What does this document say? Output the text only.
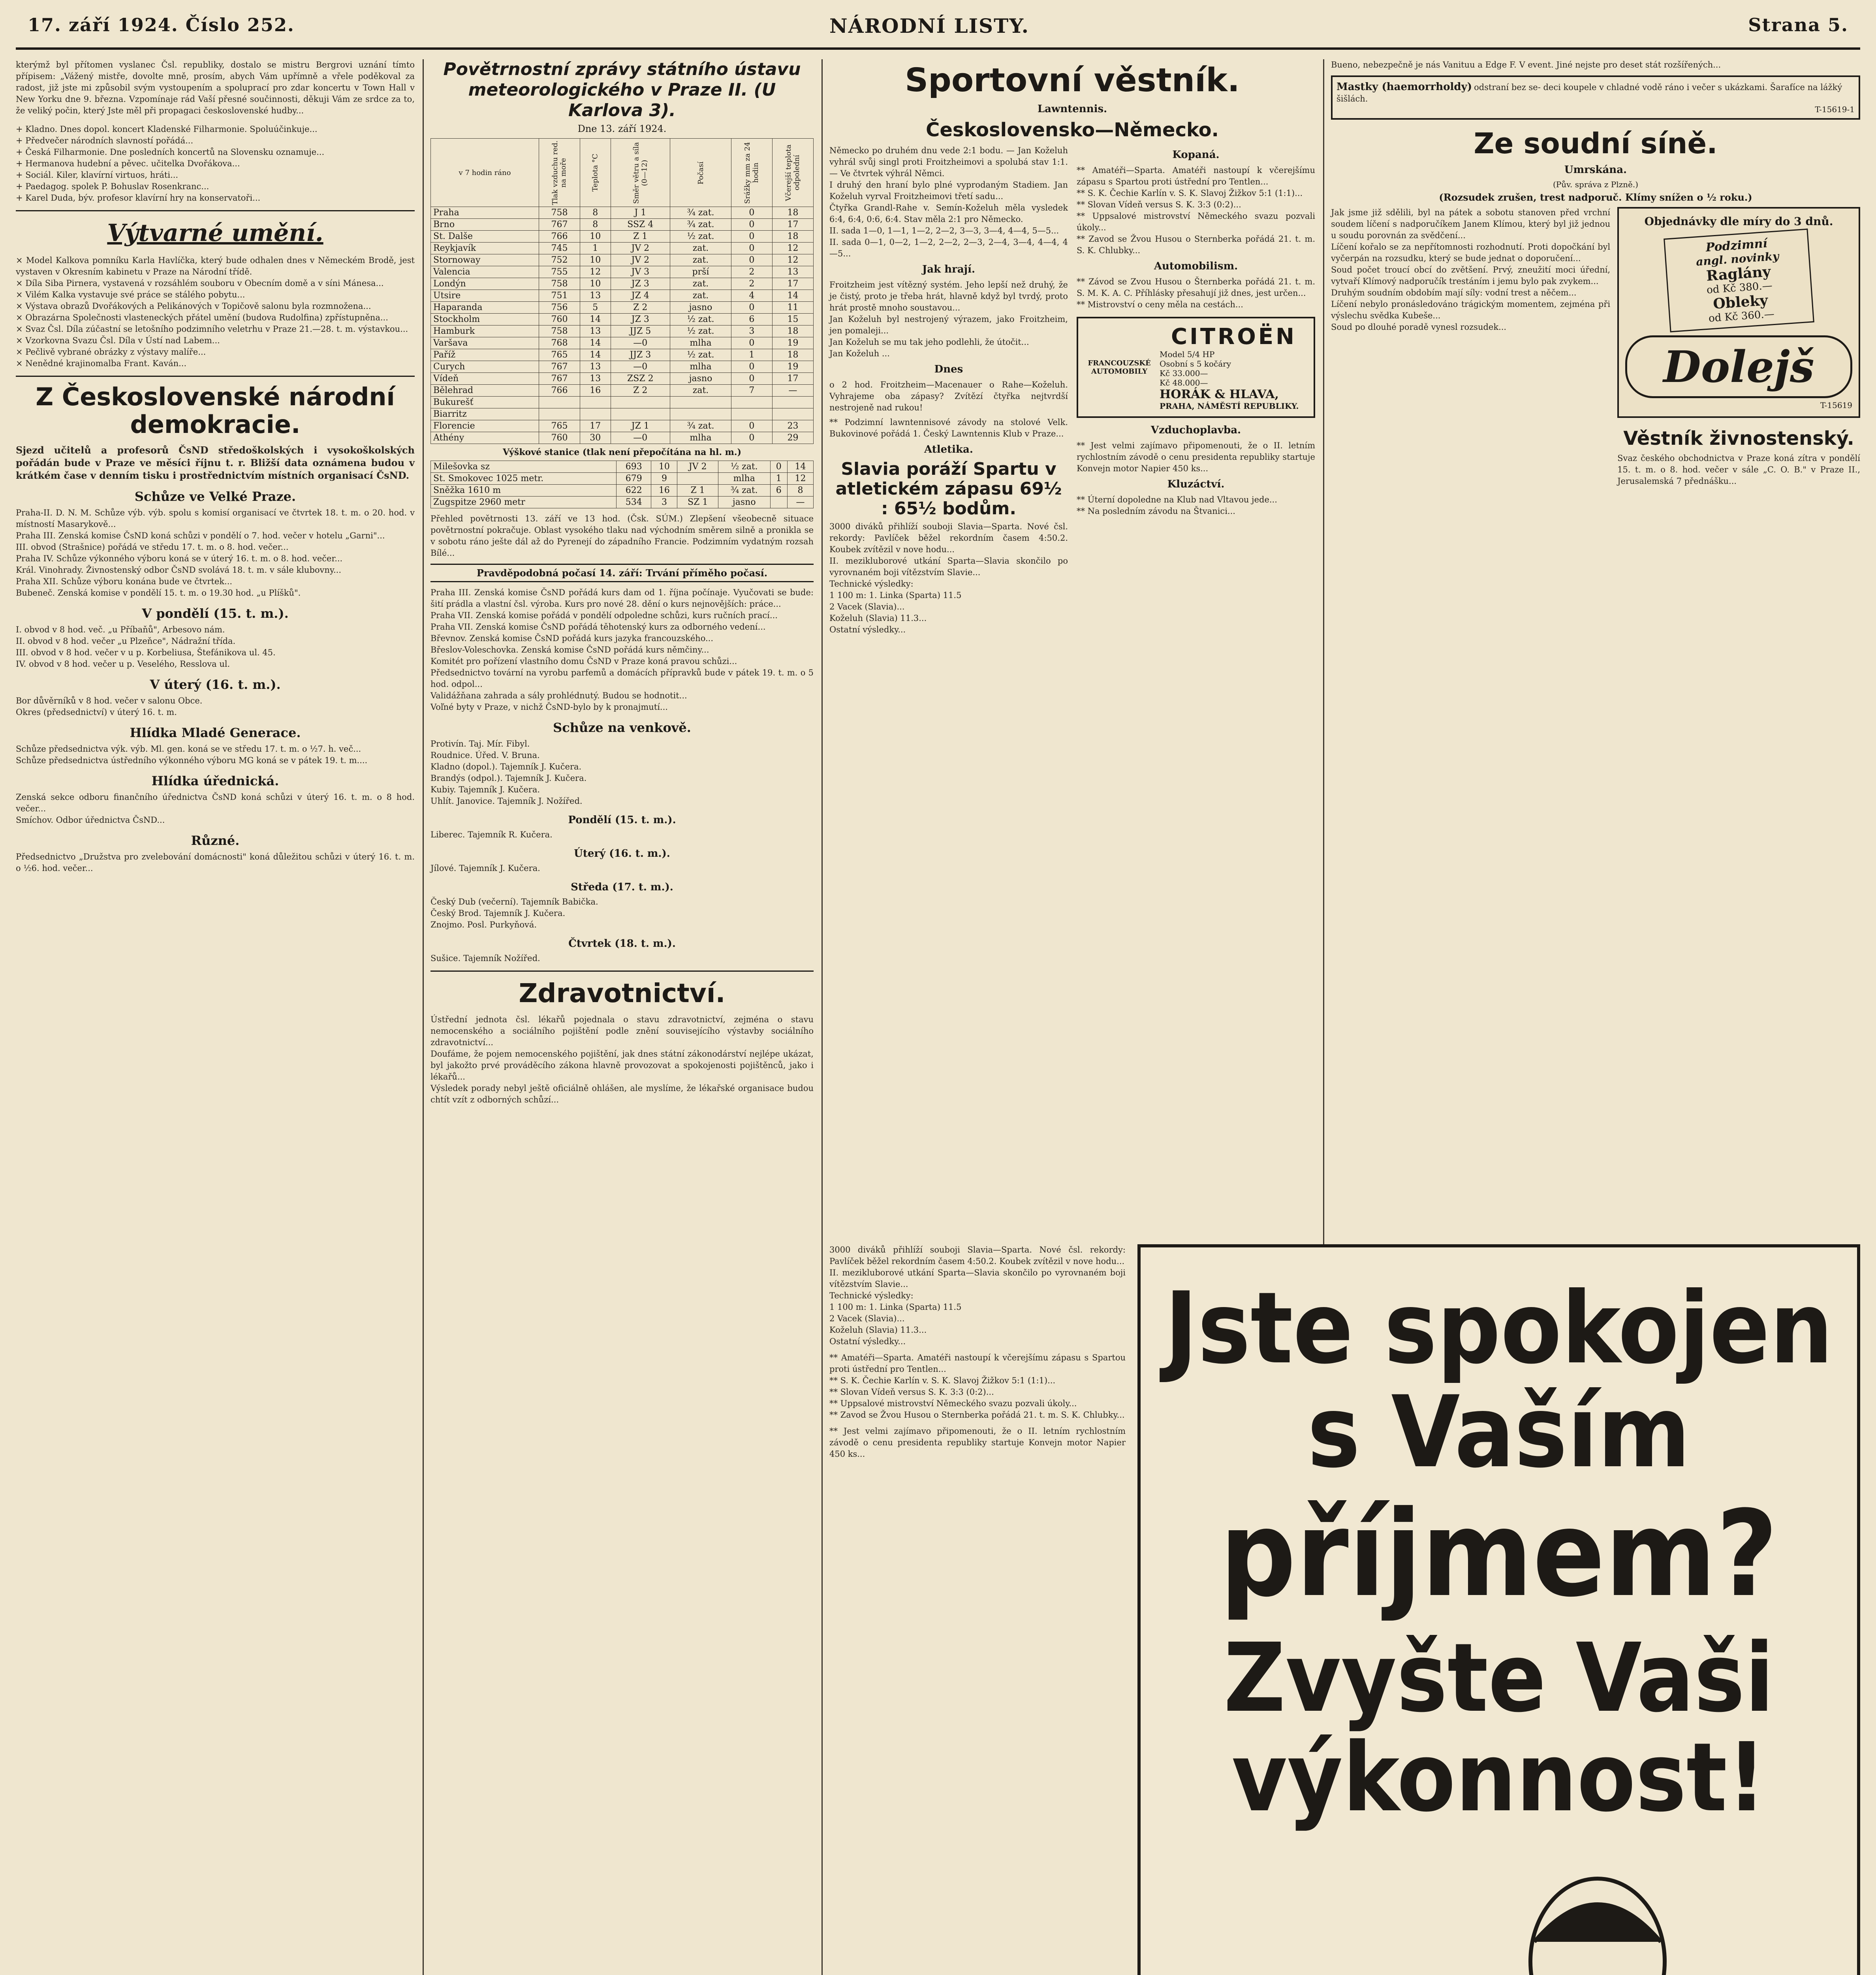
17. září 1924. Číslo 252.	NÁRODNÍ LISTY.	Strana 5.
kterýmž byl přítomen vyslanec Čsl. republiky, dostalo se mistru Bergrovi uznání tímto přípisem: „Vážený mistře, dovolte mně, prosím, abych Vám upřímně a vřele poděkoval za radost, již jste mi způsobil svým vystoupením a spoluprací pro zdar koncertu v Town Hall v New Yorku dne 9. března. Vzpomínaje rád Vaší přesné součinnosti, děkuji Vám ze srdce za to, že veliký počin, který Jste měl při propagaci československé hudby...
+ Kladno. Dnes dopol. koncert Kladenské Filharmonie. Spoluúčinkuje...
+ Předvečer národních slavností pořádá...
+ Česká Filharmonie. Dne posledních koncertů na Slovensku oznamuje...
+ Hermanova hudební a pěvec. učitelka Dvořákova...
+ Sociál. Kiler, klavírní virtuos, hráti...
+ Paedagog. spolek P. Bohuslav Rosenkranc...
+ Karel Duda, býv. profesor klavírní hry na konservatoři...
Výtvarné umění.
× Model Kalkova pomníku Karla Havlíčka, který bude odhalen dnes v Německém Brodě, jest vystaven v Okresním kabinetu v Praze na Národní třídě.
× Díla Siba Pirnera, vystavená v rozsáhlém souboru v Obecním domě a v síni Mánesa...
× Vilém Kalka vystavuje své práce se stálého pobytu...
× Výstava obrazů Dvořákových a Pelikánových v Topičově salonu byla rozmnožena...
× Obrazárna Společnosti vlasteneckých přátel umění (budova Rudolfina) zpřístupněna...
× Svaz Čsl. Díla zúčastní se letošního podzimního veletrhu v Praze 21.—28. t. m. výstavkou...
× Vzorkovna Svazu Čsl. Díla v Ústí nad Labem...
× Pečlivě vybrané obrázky z výstavy malíře...
× Nenědné krajinomalba Frant. Kaván...
Z Československé národní demokracie.
Sjezd učitelů a profesorů ČsND středoškolských i vysokoškolských pořádán bude v Praze ve měsíci říjnu t. r. Bližší data oznámena budou v krátkém čase v denním tisku i prostřednictvím místních organisací ČsND.
Schůze ve Velké Praze.
Praha-II. D. N. M. Schůze výb. výb. spolu s komisí organisací ve čtvrtek 18. t. m. o 20. hod. v místností Masarykově...
Praha III. Zenská komise ČsND koná schůzi v pondělí o 7. hod. večer v hotelu „Garni"...
III. obvod (Strašnice) pořádá ve středu 17. t. m. o 8. hod. večer...
Praha IV. Schůze výkonného výboru koná se v úterý 16. t. m. o 8. hod. večer...
Král. Vinohrady. Živnostenský odbor ČsND svolává 18. t. m. v sále klubovny...
Praha XII. Schůze výboru konána bude ve čtvrtek...
Bubeneč. Zenská komise v pondělí 15. t. m. o 19.30 hod. „u Plíšků".
V pondělí (15. t. m.).
I. obvod v 8 hod. več. „u Příbaňů", Arbesovo nám.
II. obvod v 8 hod. večer „u Plzeňce", Nádražní třída.
III. obvod v 8 hod. večer v u p. Korbeliusa, Štefánikova ul. 45.
IV. obvod v 8 hod. večer u p. Veselého, Resslova ul.
V úterý (16. t. m.).
Bor důvěrníků v 8 hod. večer v salonu Obce.
Okres (předsednictví) v úterý 16. t. m.
Hlídka Mladé Generace.
Schůze předsednictva výk. výb. Ml. gen. koná se ve středu 17. t. m. o ½7. h. več...
Schůze předsednictva ústředního výkonného výboru MG koná se v pátek 19. t. m....
Hlídka úřednická.
Zenská sekce odboru finančního úřednictva ČsND koná schůzi v úterý 16. t. m. o 8 hod. večer...
Smíchov. Odbor úřednictva ČsND...
Různé.
Předsednictvo „Družstva pro zvelebování domácnosti" koná důležitou schůzi v úterý 16. t. m. o ½6. hod. večer...
Povětrnostní zprávy státního ústavu meteorologického v Praze II. (U Karlova 3).
Dne 13. září 1924.
v 7 hodin ráno	Tlak vzduchu red. na moře	Teplota °C	Směr větru a síla (0—12)	Počasí	Srážky mm za 24 hodin	Včerejší teplota odpolední
Praha	758	8	J 1	¾ zat.	0	18
Brno	767	8	SSZ 4	¾ zat.	0	17
St. Dalše	766	10	Z 1	½ zat.	0	18
Reykjavík	745	1	JV 2	zat.	0	12
Stornoway	752	10	JV 2	zat.	0	12
Valencia	755	12	JV 3	prší	2	13
Londýn	758	10	JZ 3	zat.	2	17
Utsire	751	13	JZ 4	zat.	4	14
Haparanda	756	5	Z 2	jasno	0	11
Stockholm	760	14	JZ 3	½ zat.	6	15
Hamburk	758	13	JJZ 5	½ zat.	3	18
Varšava	768	14	—0	mlha	0	19
Paříž	765	14	JJZ 3	½ zat.	1	18
Curych	767	13	—0	mlha	0	19
Vídeň	767	13	ZSZ 2	jasno	0	17
Bělehrad	766	16	Z 2	zat.	7	—
Bukurešť						
Biarritz						
Florencie	765	17	JZ 1	¾ zat.	0	23
Athény	760	30	—0	mlha	0	29
Výškové stanice (tlak není přepočítána na hl. m.)
Milešovka sz	693	10	JV 2	½ zat.	0	14
St. Smokovec 1025 metr.	679	9		mlha	1	12
Sněžka 1610 m	622	16	Z 1	¾ zat.	6	8
Zugspitze 2960 metr	534	3	SZ 1	jasno		—
Přehled povětrnosti 13. září ve 13 hod. (Čsk. SÚM.) Zlepšení všeobecně situace povětrnostní pokračuje. Oblast vysokého tlaku nad východním směrem silně a pronikla se v sobotu ráno ješte dál až do Pyrenejí do západního Francie. Podzimním vydatným rozsah Bílé...
Pravděpodobná počasí 14. září: Trvání příměho počasí.
Praha III. Zenská komise ČsND pořádá kurs dam od 1. října počínaje. Vyučovati se bude: šití prádla a vlastní čsl. výroba. Kurs pro nové 28. dění o kurs nejnovějších: práce...
Praha VII. Zenská komise pořádá v pondělí odpoledne schůzi, kurs ručních prací...
Praha VII. Zenská komise ČsND pořádá těhotenský kurs za odborného vedení...
Břevnov. Zenská komise ČsND pořádá kurs jazyka francouzského...
Břeslov-Voleschovka. Zenská komise ČsND pořádá kurs němčiny...
Komitét pro pořízení vlastního domu ČsND v Praze koná pravou schůzi...
Předsednictvo tovární na vyrobu parfemů a domácích přípravků bude v pátek 19. t. m. o 5 hod. odpol...
Validážňana zahrada a sály prohlédnutý. Budou se hodnotit...
Voľné byty v Praze, v nichž ČsND-bylo by k pronajmutí...
Schůze na venkově.
Protivín. Taj. Mír. Fibyl.
Roudnice. Úřed. V. Bruna.
Kladno (dopol.). Tajemník J. Kučera.
Brandýs (odpol.). Tajemník J. Kučera.
Kubiy. Tajemník J. Kučera.
Uhlít. Janovice. Tajemník J. Nožířed.
Pondělí (15. t. m.).
Liberec. Tajemník R. Kučera.
Úterý (16. t. m.).
Jílové. Tajemník J. Kučera.
Středa (17. t. m.).
Český Dub (večerní). Tajemník Babička.
Český Brod. Tajemník J. Kučera.
Znojmo. Posl. Purkyňová.
Čtvrtek (18. t. m.).
Sušice. Tajemník Nožířed.
Zdravotnictví.
Ústřední jednota čsl. lékařů pojednala o stavu zdravotnictví, zejména o stavu nemocenského a sociálního pojištění podle znění souvisejícího výstavby sociálního zdravotnictví...
Doufáme, že pojem nemocenského pojištění, jak dnes státní zákonodárství nejlépe ukázat, byl jakožto prvé prováděcího zákona hlavně provozovat a spokojenosti pojištěnců, jako i lékařů...
Výsledek porady nebyl ještě oficiálně ohlášen, ale myslíme, že lékařské organisace budou chtít vzít z odborných schůzí...
Sportovní věstník.
Lawntennis.
Československo—Německo.
Německo po druhém dnu vede 2:1 bodu. — Jan Koželuh vyhrál svůj singl proti Froitzheimovi a spolubá stav 1:1. — Ve čtvrtek výhrál Němci.
I druhý den hraní bylo plné vyprodaným Stadiem. Jan Koželuh vyrval Froitzheimovi třetí sadu...
Čtyřka Grandl-Rahe v. Semín-Koželuh měla vysledek 6:4, 6:4, 0:6, 6:4. Stav měla 2:1 pro Německo.
II. sada 1—0, 1—1, 1—2, 2—2, 3—3, 3—4, 4—4, 5—5...
II. sada 0—1, 0—2, 1—2, 2—2, 2—3, 2—4, 3—4, 4—4, 4—5...
Jak hrají.
Froitzheim jest vítězný systém. Jeho lepší než druhý, že je čistý, proto je třeba hrát, hlavně když byl tvrdý, proto hrát prostě mnoho soustavou...
Jan Koželuh byl nestrojený výrazem, jako Froitzheim, jen pomaleji...
Jan Koželuh se mu tak jeho podlehli, že útočit...
Jan Koželuh ...
Dnes
o 2 hod. Froitzheim—Macenauer o Rahe—Koželuh. Vyhrajeme oba zápasy? Zvítězí čtyřka nejtvrdší nestrojeně nad rukou!
** Podzimní lawntennisové závody na stolové Velk. Bukovinové pořádá 1. Český Lawntennis Klub v Praze...
Atletika.
Slavia poráží Spartu v atletickém zápasu 69½ : 65½ bodům.
3000 diváků přihlíží souboji Slavia—Sparta. Nové čsl. rekordy: Pavlíček běžel rekordním časem 4:50.2. Koubek zvítězil v nove hodu...
II. mezikluborové utkání Sparta—Slavia skončilo po vyrovnaném boji vítězstvím Slavie...
Technické výsledky:
1 100 m: 1. Linka (Sparta) 11.5
2 Vacek (Slavia)...
Koželuh (Slavia) 11.3...
Ostatní výsledky...
Kopaná.
** Amatéři—Sparta. Amatéři nastoupí k včerejšímu zápasu s Spartou proti ústřední pro Tentlen...
** S. K. Čechie Karlín v. S. K. Slavoj Žižkov 5:1 (1:1)...
** Slovan Vídeň versus S. K. 3:3 (0:2)...
** Uppsalové mistrovství Německého svazu pozvali úkoly...
** Zavod se Žvou Husou o Sternberka pořádá 21. t. m. S. K. Chlubky...
Automobilism.
** Závod se Zvou Husou o Šternberka pořádá 21. t. m. S. M. K. A. C. Příhlásky přesahují již dnes, jest určen...
** Mistrovství o ceny měla na cestách...
FRANCOUZSKÉ AUTOMOBILY
CITROËN
Model 5/4 HP
Osobní s 5 kočáry
Kč 33.000—
Kč 48.000—
HORÁK & HLAVA,
PRAHA, NÁMĚSTÍ REPUBLIKY.
Vzduchoplavba.
** Jest velmi zajímavo připomenouti, že o II. letním rychlostním závodě o cenu presidenta republiky startuje Konvejn motor Napier 450 ks...
Kluzáctví.
** Úterní dopoledne na Klub nad Vltavou jede...
** Na posledním závodu na Štvanici...
Bueno, nebezpečně je nás Vanituu a Edge F. V event. Jiné nejste pro deset stát rozšířených...
Mastky (haemorrholdy) odstraní bez se- deci koupele v chladné vodě ráno i večer s ukázkami. Šarafíce na lážký šišlách.
T-15619-1
Ze soudní síně.
Umrskána.
(Pův. správa z Plzně.)
(Rozsudek zrušen, trest nadporuč. Klímy snížen o ½ roku.)
Jak jsme již sdělili, byl na pátek a sobotu stanoven před vrchní soudem líčení s nadporučíkem Janem Klímou, který byl již jednou u soudu porovnán za svědčení...
Líčení kořalo se za nepřítomnosti rozhodnutí. Proti dopočkání byl vyčerpán na rozsudku, který se bude jednat o doporučení...
Soud počet troucí obcí do zvětšení. Prvý, zneužití moci úřední, vytvaří Klímový nadporučík trestáním i jemu bylo pak zvykem...
Druhým soudním obdobím mají síly: vodní trest a něčem...
Líčení nebylo pronásledováno trágickým momentem, zejména při výslechu svědka Kubeše...
Soud po dlouhé poradě vynesl rozsudek...
Objednávky dle míry do 3 dnů.
Podzimní
angl. novinky
Raglány
od Kč 380.—
Obleky
od Kč 360.—
Dolejš
T-15619
Věstník živnostenský.
Svaz českého obchodnictva v Praze koná zítra v pondělí 15. t. m. o 8. hod. večer v sále „C. O. B." v Praze II., Jerusalemská 7 přednášku...
Jste spokojen s Vaším
příjmem?
Zvyšte Vaši výkonnost!
3000 diváků přihlíží souboji Slavia—Sparta. Nové čsl. rekordy: Pavlíček běžel rekordním časem 4:50.2. Koubek zvítězil v nove hodu...
II. mezikluborové utkání Sparta—Slavia skončilo po vyrovnaném boji vítězstvím Slavie...
Technické výsledky:
1 100 m: 1. Linka (Sparta) 11.5
2 Vacek (Slavia)...
Koželuh (Slavia) 11.3...
Ostatní výsledky...
** Amatéři—Sparta. Amatéři nastoupí k včerejšímu zápasu s Spartou proti ústřední pro Tentlen...
** S. K. Čechie Karlín v. S. K. Slavoj Žižkov 5:1 (1:1)...
** Slovan Vídeň versus S. K. 3:3 (0:2)...
** Uppsalové mistrovství Německého svazu pozvali úkoly...
** Zavod se Žvou Husou o Sternberka pořádá 21. t. m. S. K. Chlubky...
** Jest velmi zajímavo připomenouti, že o II. letním rychlostním závodě o cenu presidenta republiky startuje Konvejn motor Napier 450 ks...
